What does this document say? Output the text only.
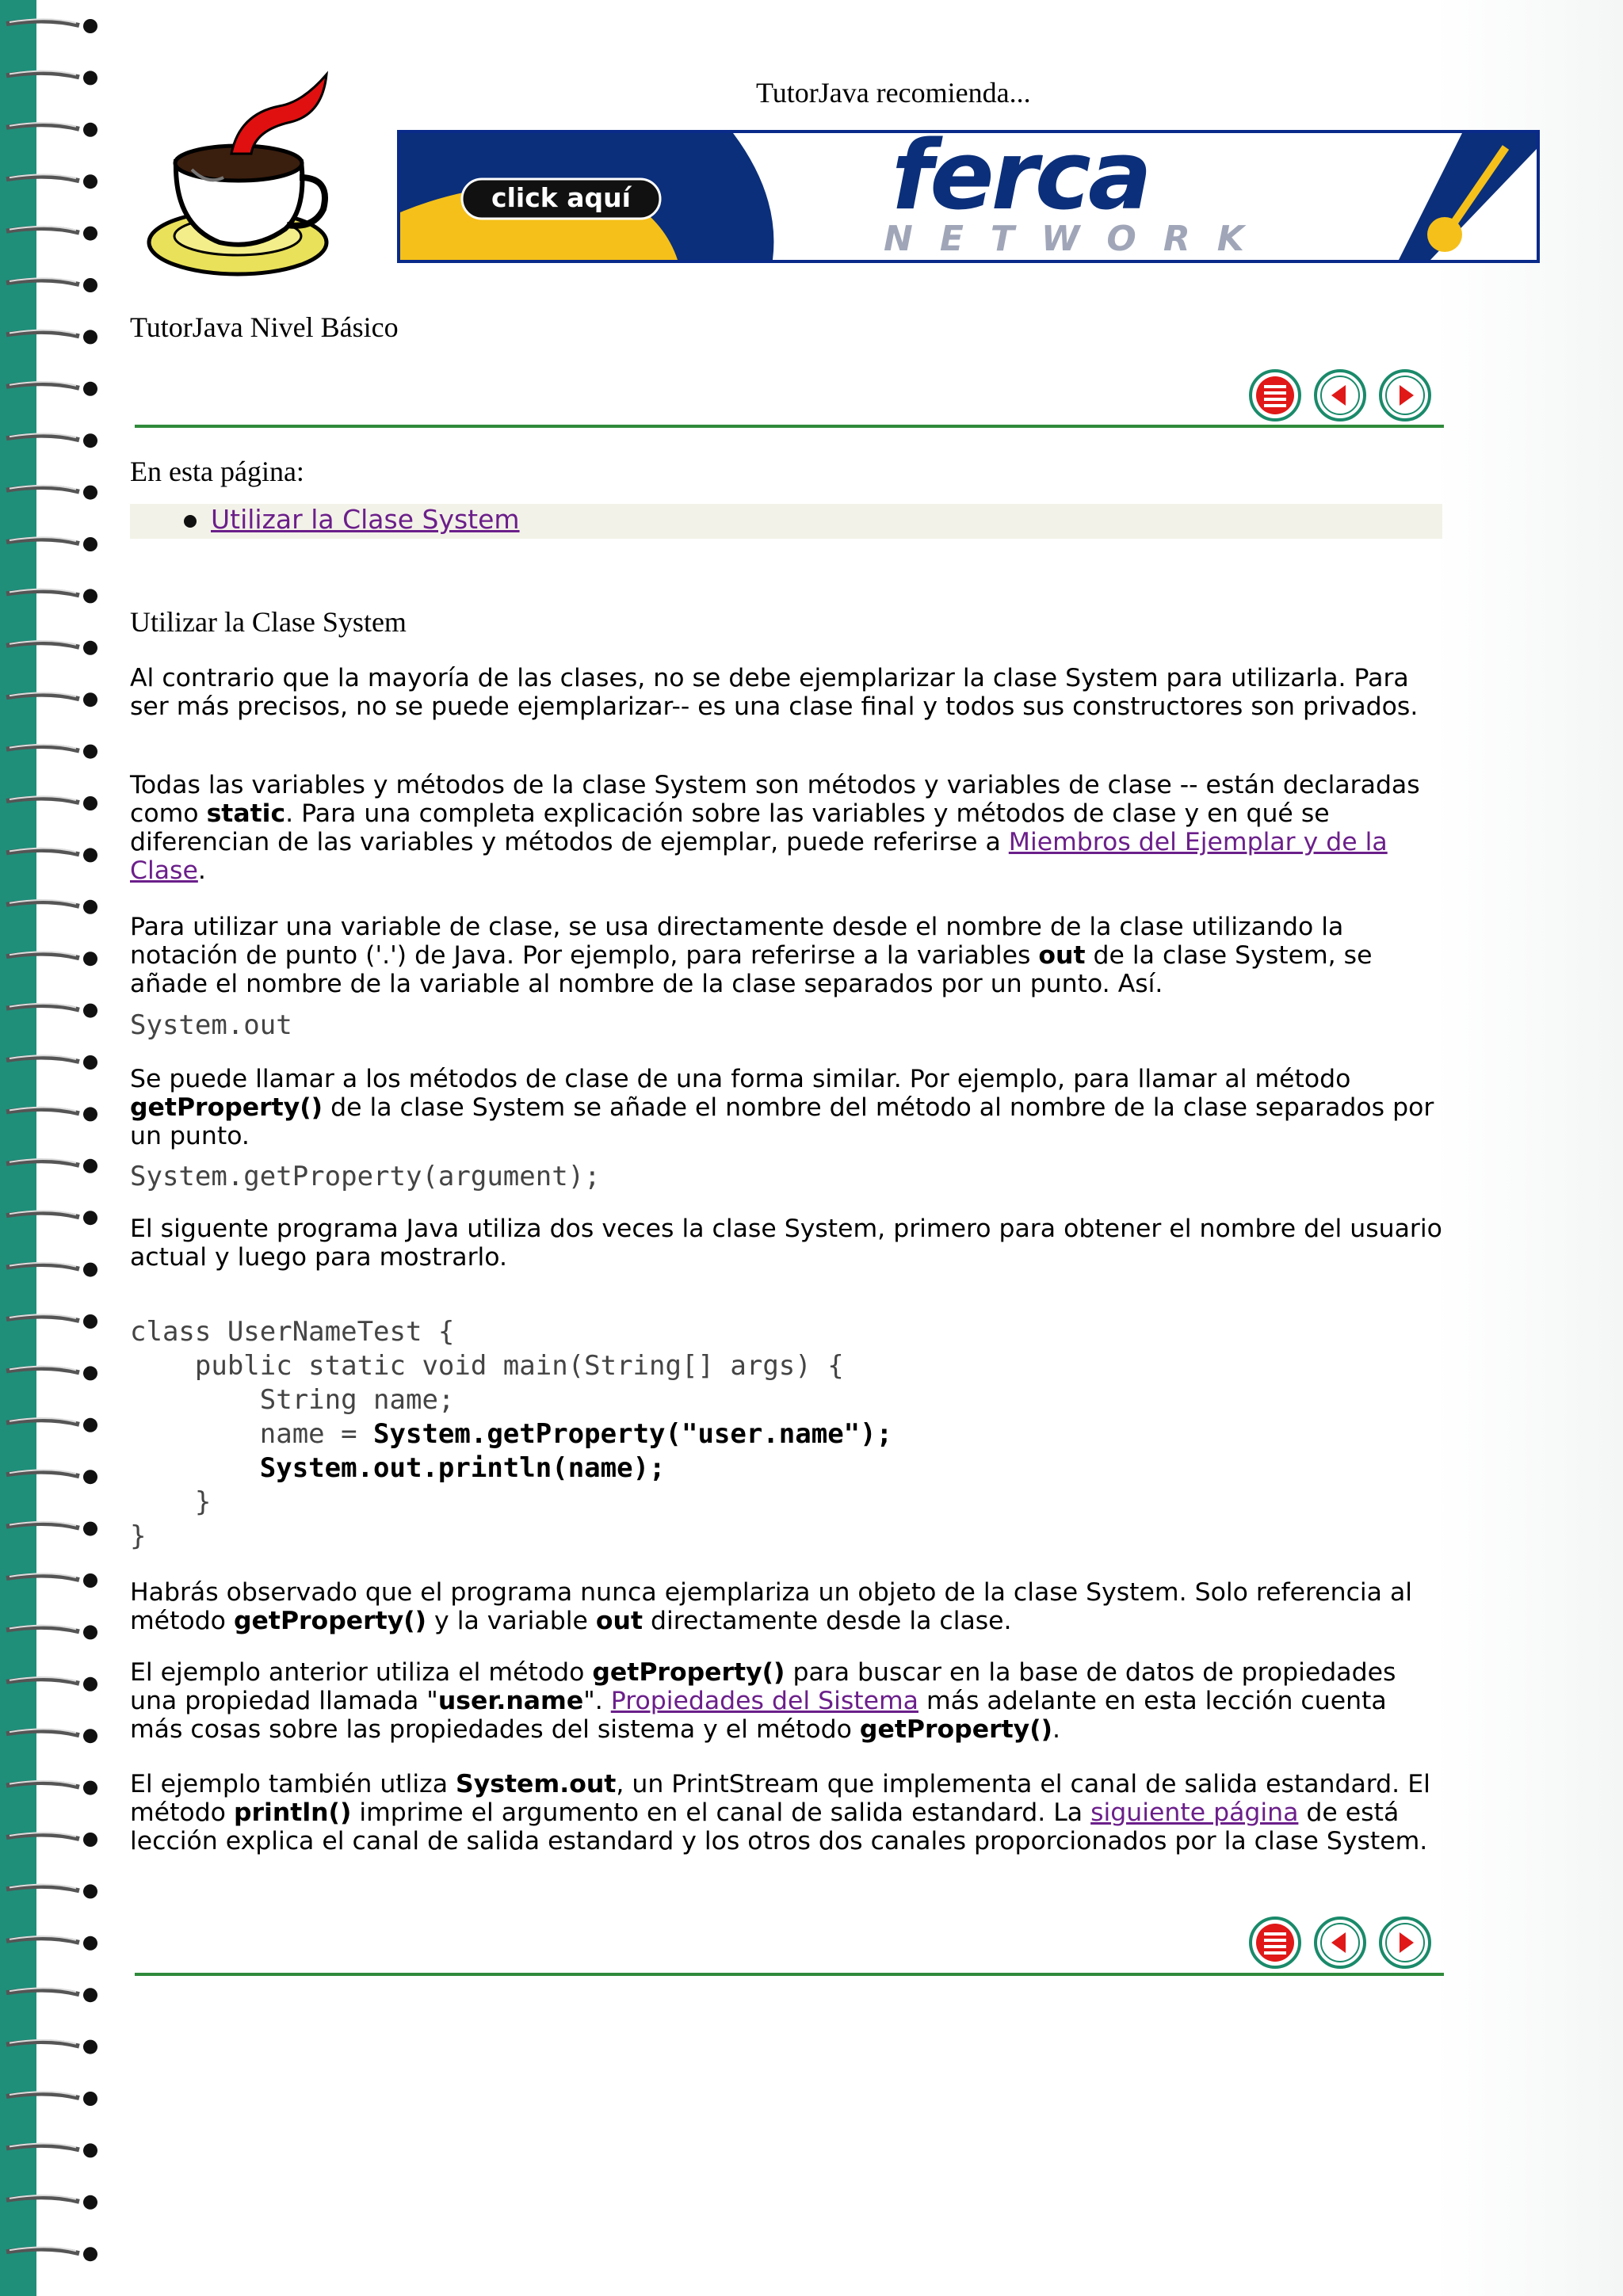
TutorJava recomienda...
click aquí	ferca
NETWORK
TutorJava Nivel Básico
En esta página:
Utilizar la Clase System
Utilizar la Clase System
Al contrario que la mayoría de las clases, no se debe ejemplarizar la clase System para utilizarla. Para ser más precisos, no se puede ejemplarizar-- es una clase final y todos sus constructores son privados.
Todas las variables y métodos de la clase System son métodos y variables de clase -- están declaradas como static. Para una completa explicación sobre las variables y métodos de clase y en qué se diferencian de las variables y métodos de ejemplar, puede referirse a Miembros del Ejemplar y de la Clase.
Para utilizar una variable de clase, se usa directamente desde el nombre de la clase utilizando la notación de punto ('.') de Java. Por ejemplo, para referirse a la variables out de la clase System, se añade el nombre de la variable al nombre de la clase separados por un punto. Así.
System.out
Se puede llamar a los métodos de clase de una forma similar. Por ejemplo, para llamar al método getProperty() de la clase System se añade el nombre del método al nombre de la clase separados por un punto.
System.getProperty(argument);
El siguente programa Java utiliza dos veces la clase System, primero para obtener el nombre del usuario actual y luego para mostrarlo.
class UserNameTest {
public static void main(String[] args) {
String name;
name = System.getProperty("user.name");
System.out.println(name);
}
}
Habrás observado que el programa nunca ejemplariza un objeto de la clase System. Solo referencia al método getProperty() y la variable out directamente desde la clase.
El ejemplo anterior utiliza el método getProperty() para buscar en la base de datos de propiedades una propiedad llamada "user.name". Propiedades del Sistema más adelante en esta lección cuenta más cosas sobre las propiedades del sistema y el método getProperty().
El ejemplo también utliza System.out, un PrintStream que implementa el canal de salida estandard. El método println() imprime el argumento en el canal de salida estandard. La siguiente página de está lección explica el canal de salida estandard y los otros dos canales proporcionados por la clase System.
